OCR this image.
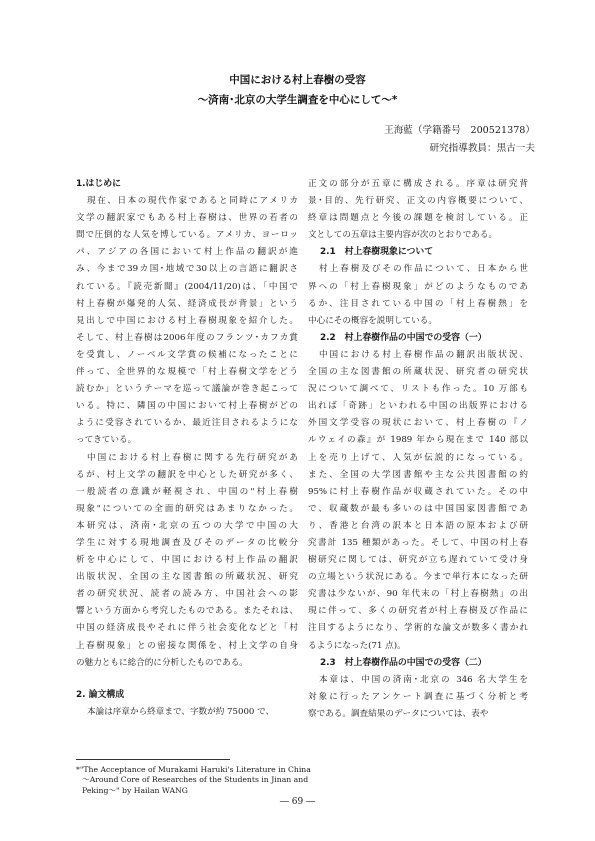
中国における村上春樹の受容
～済南･北京の大学生調査を中心にして～*
王海藍（学籍番号　200521378）
研究指導教員：黒古一夫
1.はじめに
現在、日本の現代作家であると同時にアメリカ
文学の翻訳家でもある村上春樹は、世界の若者の
間で圧倒的な人気を博している。アメリカ、ヨーロッ
パ、アジアの各国において村上作品の翻訳が進
み、今まで39カ国･地域で30以上の言語に翻訳さ
れている。『読売新聞』(2004/11/20)は、「中国で
村上春樹が爆発的人気、経済成長が背景」という
見出しで中国における村上春樹現象を紹介した。
そして、村上春樹は2006年度のフランツ･カフカ賞
を受賞し、ノーベル文学賞の候補になったことに
伴って、全世界的な規模で「村上春樹文学をどう
読むか」というテーマを巡って議論が巻き起こって
いる。特に、隣国の中国において村上春樹がどの
ように受容されているか、最近注目されるようにな
ってきている。
中国における村上春樹に関する先行研究があ
るが、村上文学の翻訳を中心とした研究が多く、
一般読者の意識が軽視され、中国の"村上春樹
現象"についての全面的研究はあまりなかった。
本研究は、済南･北京の五つの大学で中国の大
学生に対する現地調査及びそのデータの比較分
析を中心にして、中国における村上作品の翻訳
出版状況、全国の主な図書館の所蔵状況、研究
者の研究状況、読者の読み方、中国社会への影
響という方面から考究したものである。またそれは、
中国の経済成長やそれに伴う社会変化などと「村
上春樹現象」との密接な関係を、村上文学の自身
の魅力ともに総合的に分析したものである。
2. 論文構成
本論は序章から終章まで、字数が約 75000 で、
正文の部分が五章に構成される。序章は研究背
景･目的、先行研究、正文の内容概要について、
終章は問題点と今後の課題を検討している。正
文としての五章は主要内容が次のとおりである。
2.1　村上春樹現象について
村上春樹及びその作品について、日本から世
界への「村上春樹現象」がどのようなものであ
るか、注目されている中国の「村上春樹熱」を
中心にその概容を説明している。
2.2　村上春樹作品の中国での受容（一）
中国における村上春樹作品の翻訳出版状況、
全国の主な図書館の所蔵状況、研究者の研究状
況について調べて、リストも作った。10 万部も
出れば「奇跡」といわれる中国の出版界における
外国文学受容の現状において、村上春樹の『ノ
ルウェイの森』が 1989 年から現在まで 140 部以
上を売り上げて、人気が伝説的になっている。
また、全国の大学図書館や主な公共図書館の約
95%に村上春樹作品が収蔵されていた。その中
で、収蔵数が最も多いのは中国国家図書館であ
り、香港と台湾の訳本と日本語の原本および研
究書計 135 種類があった。そして、中国の村上春
樹研究に関しては、研究が立ち遅れていて受け身
の立場という状況にある。今まで単行本になった研
究書は少ないが、90 年代末の「村上春樹熱」の出
現に伴って、多くの研究者が村上春樹及び作品に
注目するようになり、学術的な論文が数多く書かれ
るようになった(71 点)。
2.3　村上春樹作品の中国での受容（二）
本章は、中国の済南･北京の 346 名大学生を
対象に行ったアンケート調査に基づく分析と考
察である。調査結果のデータについては、表や
*"The Acceptance of Murakami Haruki's Literature in China
～Around Core of Researches of the Students in Jinan and
Peking～" by Hailan WANG
― 69 ―
